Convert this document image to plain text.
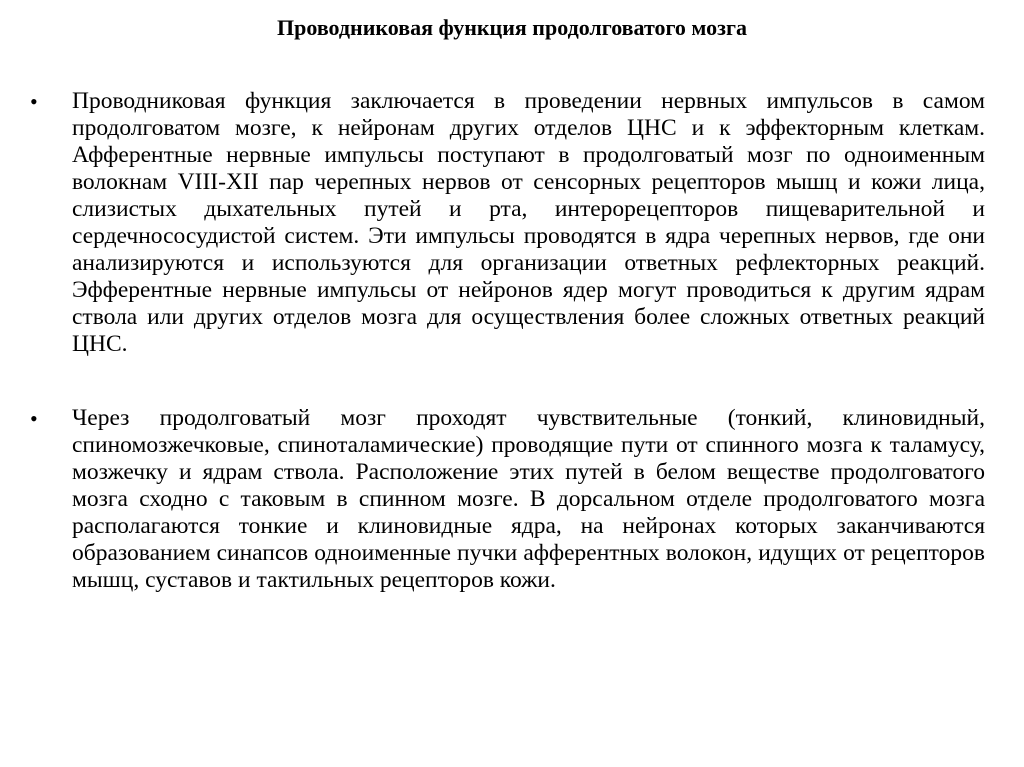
Проводниковая функция продолговатого мозга
• Проводниковая функция заключается в проведении нервных импульсов в самом продолговатом мозге, к нейронам других отделов ЦНС и к эффекторным клеткам. Афферентные нервные импульсы поступают в продолговатый мозг по одноименным волокнам VIII-XII пар черепных нервов от сенсорных рецепторов мышц и кожи лица, слизистых дыхательных путей и рта, интерорецепторов пищеварительной и сердечнососудистой систем. Эти импульсы проводятся в ядра черепных нервов, где они анализируются и используются для организации ответных рефлекторных реакций. Эфферентные нервные импульсы от нейронов ядер могут проводиться к другим ядрам ствола или других отделов мозга для осуществления более сложных ответных реакций ЦНС.
• Через продолговатый мозг проходят чувствительные (тонкий, клиновидный, спиномозжечковые, спиноталамические) проводящие пути от спинного мозга к таламусу, мозжечку и ядрам ствола. Расположение этих путей в белом веществе продолговатого мозга сходно с таковым в спинном мозге. В дорсальном отделе продолговатого мозга располагаются тонкие и клиновидные ядра, на нейронах которых заканчиваются образованием синапсов одноименные пучки афферентных волокон, идущих от рецепторов мышц, суставов и тактильных рецепторов кожи.
